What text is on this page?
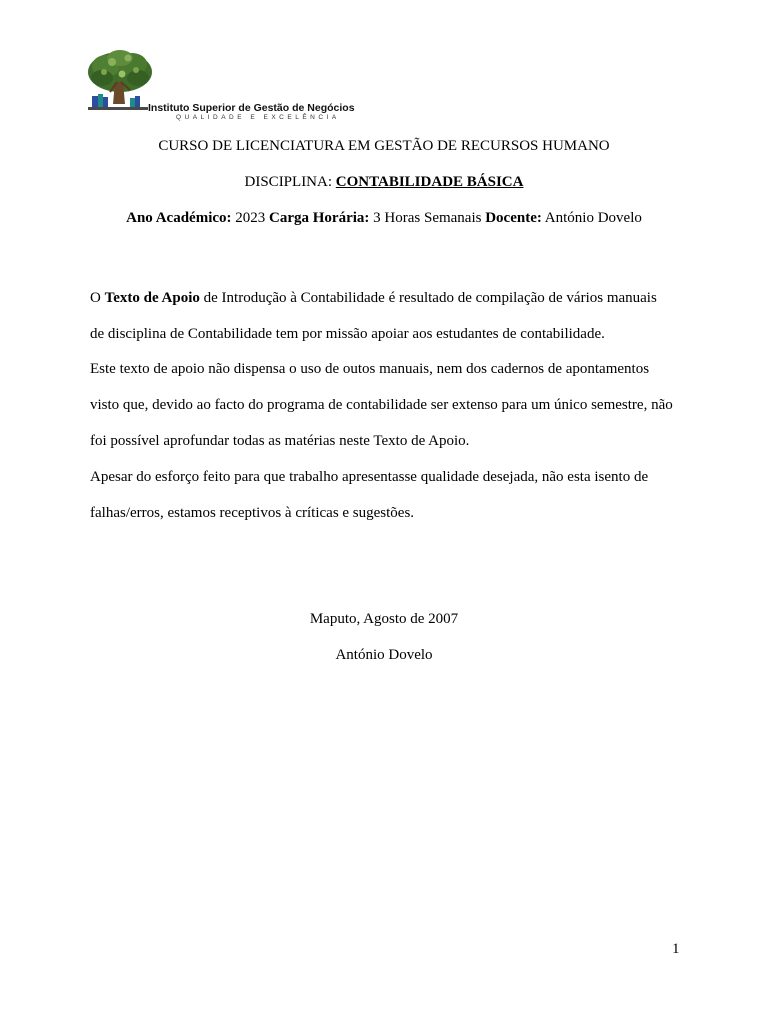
Instituto Superior de Gestão de Negócios
QUALIDADE E EXCELÊNCIA
CURSO DE LICENCIATURA EM GESTÃO DE RECURSOS HUMANO
DISCIPLINA: CONTABILIDADE BÁSICA
Ano Académico: 2023 Carga Horária: 3 Horas Semanais Docente: António Dovelo
O Texto de Apoio de Introdução à Contabilidade é resultado de compilação de vários manuais
de disciplina de Contabilidade tem por missão apoiar aos estudantes de contabilidade.
Este texto de apoio não dispensa o uso de outos manuais, nem dos cadernos de apontamentos
visto que, devido ao facto do programa de contabilidade ser extenso para um único semestre, não
foi possível aprofundar todas as matérias neste Texto de Apoio.
Apesar do esforço feito para que trabalho apresentasse qualidade desejada, não esta isento de
falhas/erros, estamos receptivos à críticas e sugestões.
Maputo, Agosto de 2007
António Dovelo
1
